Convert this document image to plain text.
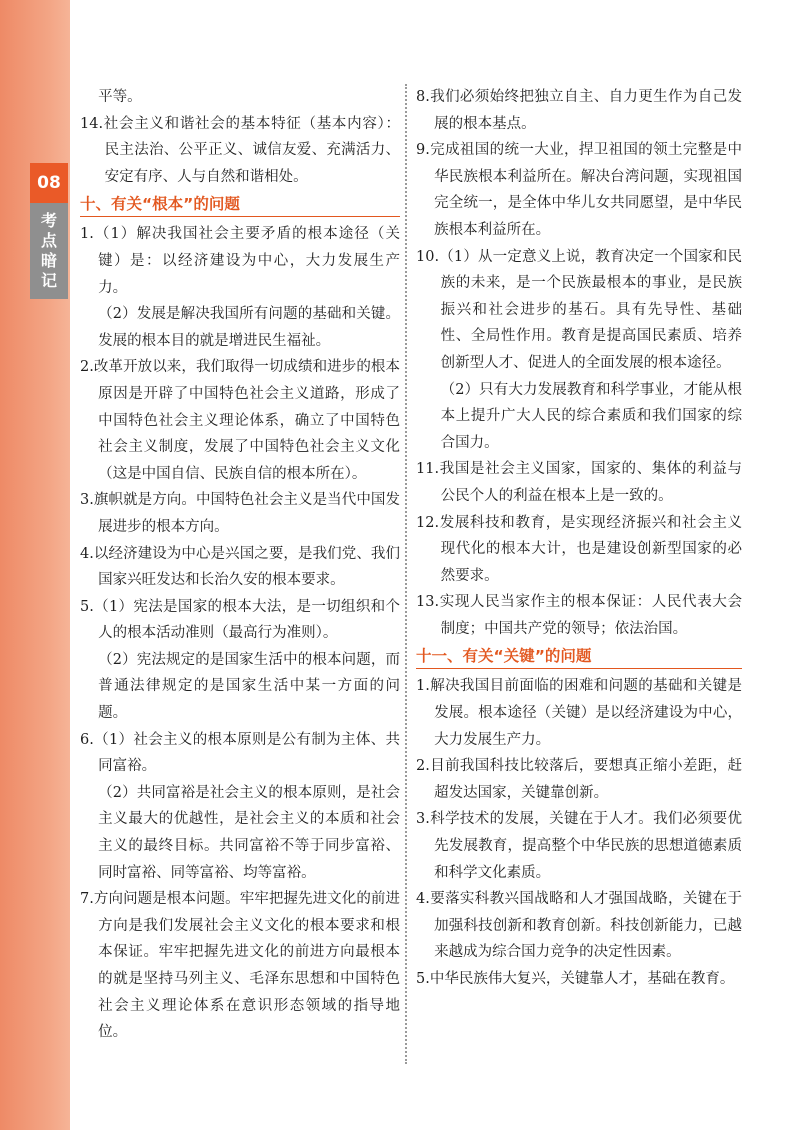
08
考
点
暗
记
平等。
14.社会主义和谐社会的基本特征（基本内容）：民主法治、公平正义、诚信友爱、充满活力、安定有序、人与自然和谐相处。
十、有关“根本”的问题
1.（1）解决我国社会主要矛盾的根本途径（关键）是：以经济建设为中心，大力发展生产力。
（2）发展是解决我国所有问题的基础和关键。发展的根本目的就是增进民生福祉。
2.改革开放以来，我们取得一切成绩和进步的根本原因是开辟了中国特色社会主义道路，形成了中国特色社会主义理论体系，确立了中国特色社会主义制度，发展了中国特色社会主义文化（这是中国自信、民族自信的根本所在）。
3.旗帜就是方向。中国特色社会主义是当代中国发展进步的根本方向。
4.以经济建设为中心是兴国之要，是我们党、我们国家兴旺发达和长治久安的根本要求。
5.（1）宪法是国家的根本大法，是一切组织和个人的根本活动准则（最高行为准则）。
（2）宪法规定的是国家生活中的根本问题，而普通法律规定的是国家生活中某一方面的问题。
6.（1）社会主义的根本原则是公有制为主体、共同富裕。
（2）共同富裕是社会主义的根本原则，是社会主义最大的优越性，是社会主义的本质和社会主义的最终目标。共同富裕不等于同步富裕、同时富裕、同等富裕、均等富裕。
7.方向问题是根本问题。牢牢把握先进文化的前进方向是我们发展社会主义文化的根本要求和根本保证。牢牢把握先进文化的前进方向最根本的就是坚持马列主义、毛泽东思想和中国特色社会主义理论体系在意识形态领域的指导地位。
8.我们必须始终把独立自主、自力更生作为自己发展的根本基点。
9.完成祖国的统一大业，捍卫祖国的领土完整是中华民族根本利益所在。解决台湾问题，实现祖国完全统一，是全体中华儿女共同愿望，是中华民族根本利益所在。
10.（1）从一定意义上说，教育决定一个国家和民族的未来，是一个民族最根本的事业，是民族振兴和社会进步的基石。具有先导性、基础性、全局性作用。教育是提高国民素质、培养创新型人才、促进人的全面发展的根本途径。
（2）只有大力发展教育和科学事业，才能从根本上提升广大人民的综合素质和我们国家的综合国力。
11.我国是社会主义国家，国家的、集体的利益与公民个人的利益在根本上是一致的。
12.发展科技和教育，是实现经济振兴和社会主义现代化的根本大计，也是建设创新型国家的必然要求。
13.实现人民当家作主的根本保证：人民代表大会制度；中国共产党的领导；依法治国。
十一、有关“关键”的问题
1.解决我国目前面临的困难和问题的基础和关键是发展。根本途径（关键）是以经济建设为中心，大力发展生产力。
2.目前我国科技比较落后，要想真正缩小差距，赶超发达国家，关键靠创新。
3.科学技术的发展，关键在于人才。我们必须要优先发展教育，提高整个中华民族的思想道德素质和科学文化素质。
4.要落实科教兴国战略和人才强国战略，关键在于加强科技创新和教育创新。科技创新能力，已越来越成为综合国力竞争的决定性因素。
5.中华民族伟大复兴，关键靠人才，基础在教育。
